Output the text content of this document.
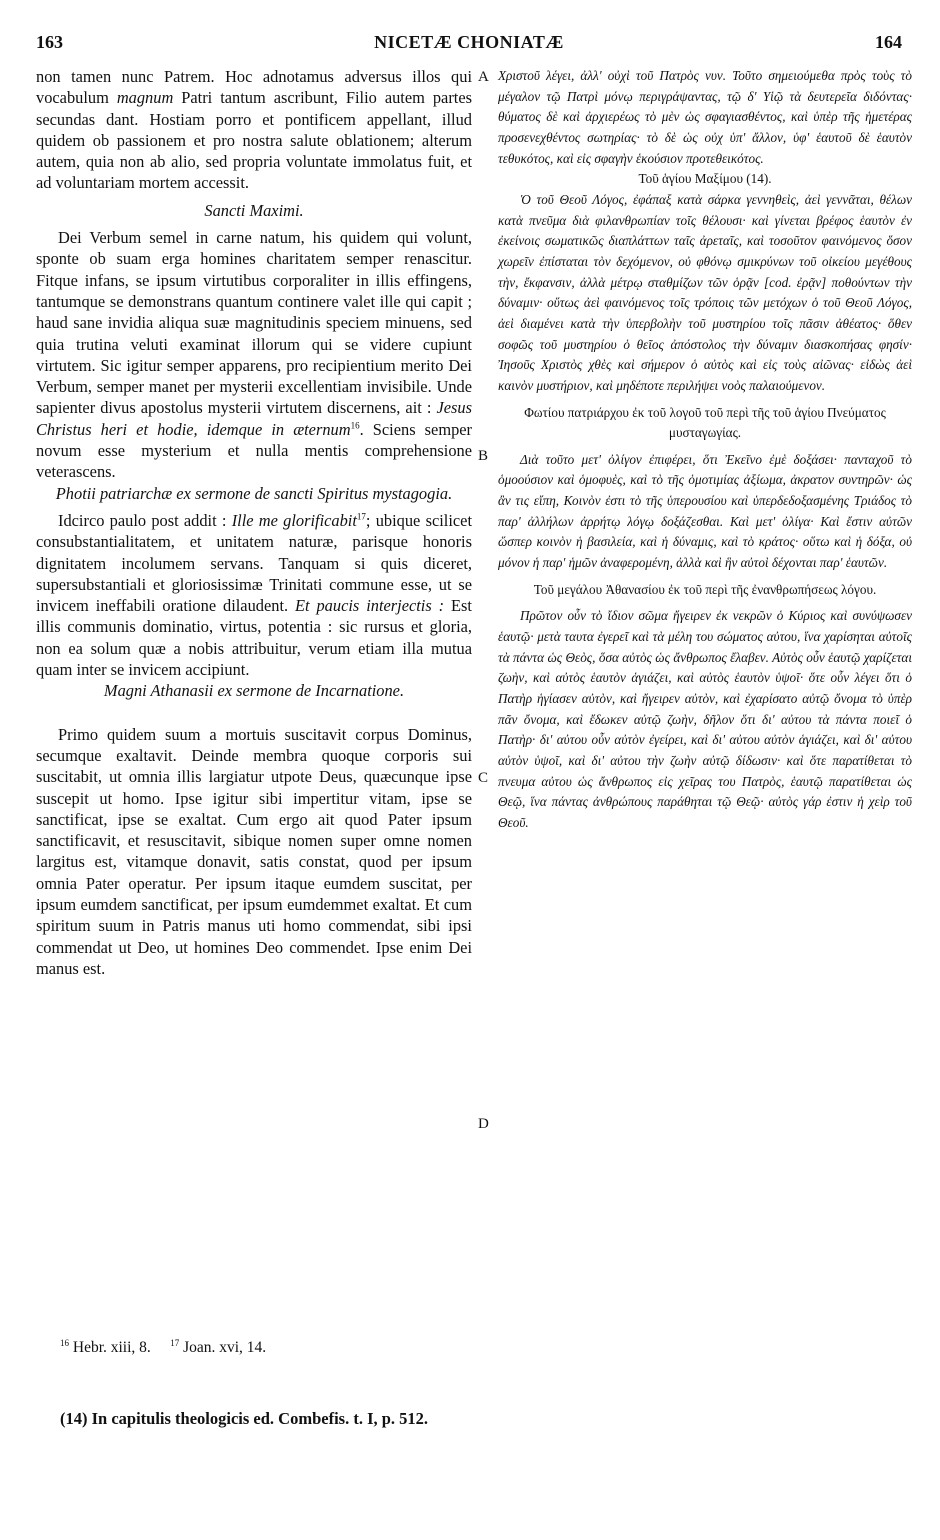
163	NICETÆ CHONIATÆ	164
A
B
C
D

non tamen nunc Patrem. Hoc adnotamus adversus illos qui vocabulum magnum Patri tantum ascribunt, Filio autem partes secundas dant. Hostiam porro et pontificem appellant, illud quidem ob passionem et pro nostra salute oblationem; alterum autem, quia non ab alio, sed propria voluntate immolatus fuit, et ad voluntariam mortem accessit.

Sancti Maximi.

Dei Verbum semel in carne natum, his quidem qui volunt, sponte ob suam erga homines charitatem semper renascitur. Fitque infans, se ipsum virtutibus corporaliter in illis effingens, tantumque se demonstrans quantum continere valet ille qui capit ; haud sane invidia aliqua suæ magnitudinis speciem minuens, sed quia trutina veluti examinat illorum qui se videre cupiunt virtutem. Sic igitur semper apparens, pro recipientium merito Dei Verbum, semper manet per mysterii excellentiam invisibile. Unde sapienter divus apostolus mysterii virtutem discernens, ait : Jesus Christus heri et hodie, idemque in æternum$^{16}$. Sciens semper novum esse mysterium et nulla mentis comprehensione veterascens.

Photii patriarchæ ex sermone de sancti Spiritus mystagogia.

Idcirco paulo post addit : Ille me glorificabit$^{17}$; ubique scilicet consubstantialitatem, et unitatem naturæ, parisque honoris dignitatem incolumem servans. Tanquam si quis diceret, supersubstantiali et gloriosissimæ Trinitati commune esse, ut se invicem ineffabili oratione dilaudent. Et paucis interjectis : Est illis communis dominatio, virtus, potentia : sic rursus et gloria, non ea solum quæ a nobis attribuitur, verum etiam illa mutua quam inter se invicem accipiunt.

Magni Athanasii ex sermone de Incarnatione.

Primo quidem suum a mortuis suscitavit corpus Dominus, secumque exaltavit. Deinde membra quoque corporis sui suscitabit, ut omnia illis largiatur utpote Deus, quæcunque ipse suscepit ut homo. Ipse igitur sibi impertitur vitam, ipse se sanctificat, ipse se exaltat. Cum ergo ait quod Pater ipsum sanctificavit, et resuscitavit, sibique nomen super omne nomen largitus est, vitamque donavit, satis constat, quod per ipsum omnia Pater operatur. Per ipsum itaque eumdem suscitat, per ipsum eumdem sanctificat, per ipsum eumdemmet exaltat. Et cum spiritum suum in Patris manus uti homo commendat, sibi ipsi commendat ut Deo, ut homines Deo commendet. Ipse enim Dei manus est.

Χριστοῦ λέγει, ἀλλ' οὐχὶ τοῦ Πατρὸς νυν. Τοῦτο σημειούμεθα πρὸς τοὺς τὸ μέγαλον τῷ Πατρὶ μόνῳ περιγράψαντας, τῷ δ' Υἱῷ τὰ δευτερεῖα διδόντας· θύματος δὲ καὶ ἀρχιερέως τὸ μὲν ὡς σφαγιασθέντος, καὶ ὑπὲρ τῆς ἡμετέρας προσενεχθέντος σωτηρίας· τὸ δὲ ὡς οὐχ ὑπ' ἄλλον, ὑφ' ἑαυτοῦ δὲ ἑαυτὸν τεθυκότος, καὶ εἰς σφαγὴν ἑκούσιον προτεθεικότος.

Τοῦ ἁγίου Μαξίμου (14).

Ὁ τοῦ Θεοῦ Λόγος, ἐφάπαξ κατὰ σάρκα γεννηθεὶς, ἀεὶ γεννᾶται, θέλων κατὰ πνεῦμα διὰ φιλανθρωπίαν τοῖς θέλουσι· καὶ γίνεται βρέφος ἑαυτὸν ἐν ἐκείνοις σωματικῶς διαπλάττων ταῖς ἀρεταῖς, καὶ τοσοῦτον φαινόμενος ὅσον χωρεῖν ἐπίσταται τὸν δεχόμενον, οὐ φθόνῳ σμικρύνων τοῦ οἰκείου μεγέθους τὴν, ἔκφανσιν, ἀλλὰ μέτρῳ σταθμίζων τῶν ὁρᾷν [cod. ἐρᾷν] ποθούντων τὴν δύναμιν· οὕτως ἀεὶ φαινόμενος τοῖς τρόποις τῶν μετόχων ὁ τοῦ Θεοῦ Λόγος, ἀεὶ διαμένει κατὰ τὴν ὑπερβολὴν τοῦ μυστηρίου τοῖς πᾶσιν ἀθέατος· ὅθεν σοφῶς τοῦ μυστηρίου ὁ θεῖος ἀπόστολος τὴν δύναμιν διασκοπήσας φησίν· Ἰησοῦς Χριστὸς χθὲς καὶ σήμερον ὁ αὐτὸς καὶ εἰς τοὺς αἰῶνας· εἰδὼς ἀεὶ καινὸν μυστήριον, καὶ μηδέποτε περιλήψει νοὸς παλαιούμενον.

Φωτίου πατριάρχου ἐκ τοῦ λογοῦ τοῦ περὶ τῆς τοῦ ἁγίου Πνεύματος μυσταγωγίας.

Διὰ τοῦτο μετ' ὀλίγον ἐπιφέρει, ὅτι Ἐκεῖνο ἐμὲ δοξάσει· πανταχοῦ τὸ ὁμοούσιον καὶ ὁμοφυὲς, καὶ τὸ τῆς ὁμοτιμίας ἀξίωμα, ἀκρατον συντηρῶν· ὡς ἂν τις εἴπη, Κοινὸν ἐστι τὸ τῆς ὑπερουσίου καὶ ὑπερδεδοξασμένης Τριάδος τὸ παρ' ἀλλήλων ἀρρήτῳ λόγῳ δοξάζεσθαι. Καὶ μετ' ὀλίγα· Καὶ ἔστιν αὐτῶν ὥσπερ κοινὸν ἡ βασιλεία, καὶ ἡ δύναμις, καὶ τὸ κράτος· οὕτω καὶ ἡ δόξα, οὐ μόνον ἡ παρ' ἡμῶν ἀναφερομένη, ἀλλὰ καὶ ἣν αὐτοὶ δέχονται παρ' ἑαυτῶν.

Τοῦ μεγάλου Ἀθανασίου ἐκ τοῦ περὶ τῆς ἐνανθρωπήσεως λόγου.

Πρῶτον οὖν τὸ ἴδιον σῶμα ἤγειρεν ἐκ νεκρῶν ὁ Κύριος καὶ συνύψωσεν ἑαυτῷ· μετὰ ταυτα ἐγερεῖ καὶ τὰ μέλη του σώματος αὐτου, ἵνα χαρίσηται αὐτοῖς τὰ πάντα ὡς Θεὸς, ὅσα αὐτὸς ὡς ἄνθρωπος ἔλαβεν. Αὐτὸς οὖν ἑαυτῷ χαρίζεται ζωὴν, καὶ αὐτὸς ἑαυτὸν ἁγιάζει, καὶ αὐτὸς ἑαυτὸν ὑψοῖ· ὅτε οὖν λέγει ὅτι ὁ Πατὴρ ἡγίασεν αὐτὸν, καὶ ἤγειρεν αὐτὸν, καὶ ἐχαρίσατο αὐτῷ ὄνομα τὸ ὑπὲρ πᾶν ὄνομα, καὶ ἔδωκεν αὐτῷ ζωὴν, δῆλον ὅτι δι' αὐτου τὰ πάντα ποιεῖ ὁ Πατὴρ· δι' αὐτου οὖν αὐτὸν ἐγείρει, καὶ δι' αὐτου αὐτὸν ἁγιάζει, καὶ δι' αὐτου αὐτὸν ὑψοῖ, καὶ δι' αὐτου τὴν ζωὴν αὐτῷ δίδωσιν· καὶ ὅτε παρατίθεται τὸ πνευμα αὐτου ὡς ἄνθρωπος εἰς χεῖρας του Πατρὸς, ἑαυτῷ παρατίθεται ὡς Θεῷ, ἵνα πάντας ἀνθρώπους παράθηται τῷ Θεῷ· αὐτὸς γάρ ἐστιν ἡ χεὶρ τοῦ Θεοῦ.

$^{16}$ Hebr. xiii, 8. $^{17}$ Joan. xvi, 14.
(14) In capitulis theologicis ed. Combefis. t. I, p. 512.
